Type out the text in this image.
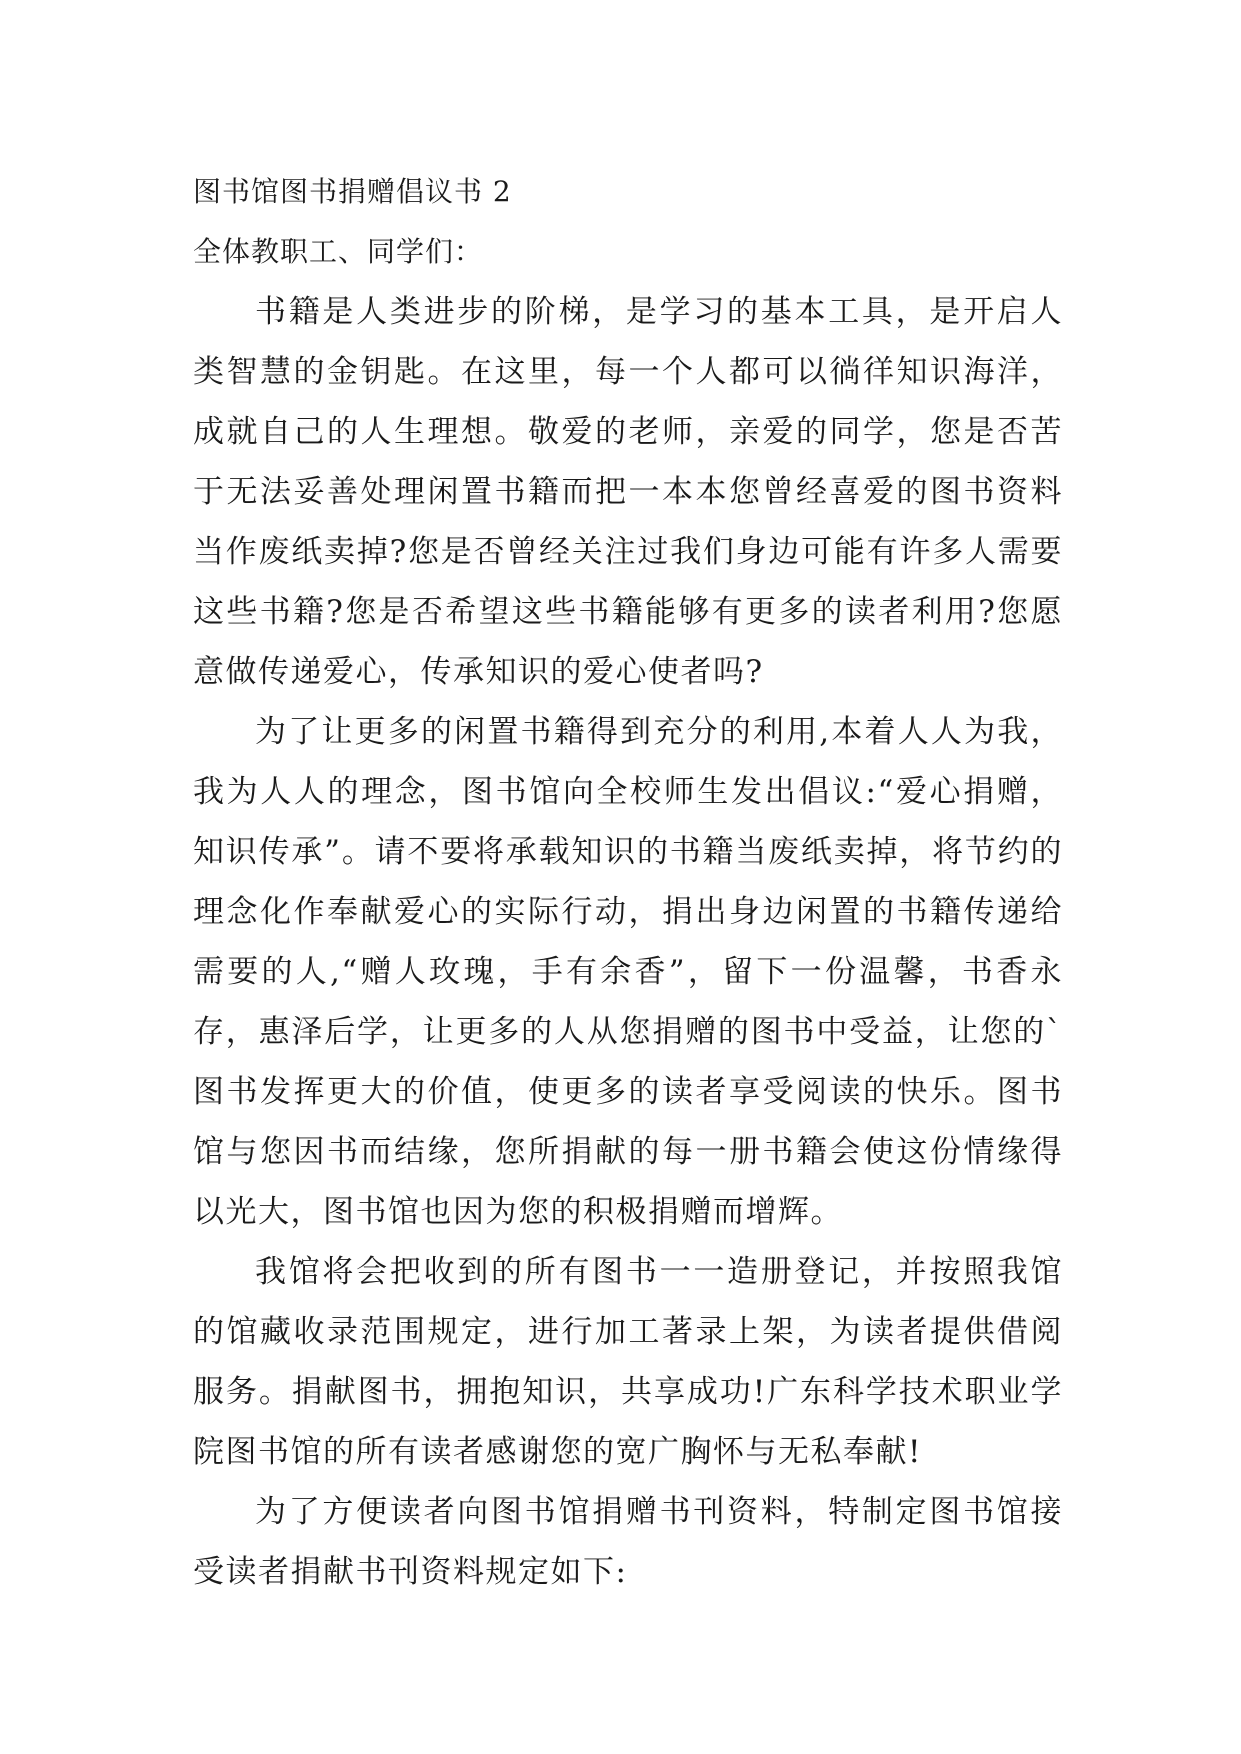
图书馆图书捐赠倡议书 2

全体教职工、同学们：

书籍是人类进步的阶梯，是学习的基本工具，是开启人类智慧的金钥匙。在这里，每一个人都可以徜徉知识海洋，成就自己的人生理想。敬爱的老师，亲爱的同学，您是否苦于无法妥善处理闲置书籍而把一本本您曾经喜爱的图书资料当作废纸卖掉?您是否曾经关注过我们身边可能有许多人需要这些书籍?您是否希望这些书籍能够有更多的读者利用?您愿意做传递爱心，传承知识的爱心使者吗?

为了让更多的闲置书籍得到充分的利用,本着人人为我，我为人人的理念，图书馆向全校师生发出倡议:“爱心捐赠，知识传承”。请不要将承载知识的书籍当废纸卖掉，将节约的理念化作奉献爱心的实际行动，捐出身边闲置的书籍传递给需要的人,“赠人玫瑰，手有余香”，留下一份温馨，书香永存，惠泽后学，让更多的人从您捐赠的图书中受益，让您的`图书发挥更大的价值，使更多的读者享受阅读的快乐。图书馆与您因书而结缘，您所捐献的每一册书籍会使这份情缘得以光大，图书馆也因为您的积极捐赠而增辉。

我馆将会把收到的所有图书一一造册登记，并按照我馆的馆藏收录范围规定，进行加工著录上架，为读者提供借阅服务。捐献图书，拥抱知识，共享成功!广东科学技术职业学院图书馆的所有读者感谢您的宽广胸怀与无私奉献!

为了方便读者向图书馆捐赠书刊资料，特制定图书馆接受读者捐献书刊资料规定如下:
